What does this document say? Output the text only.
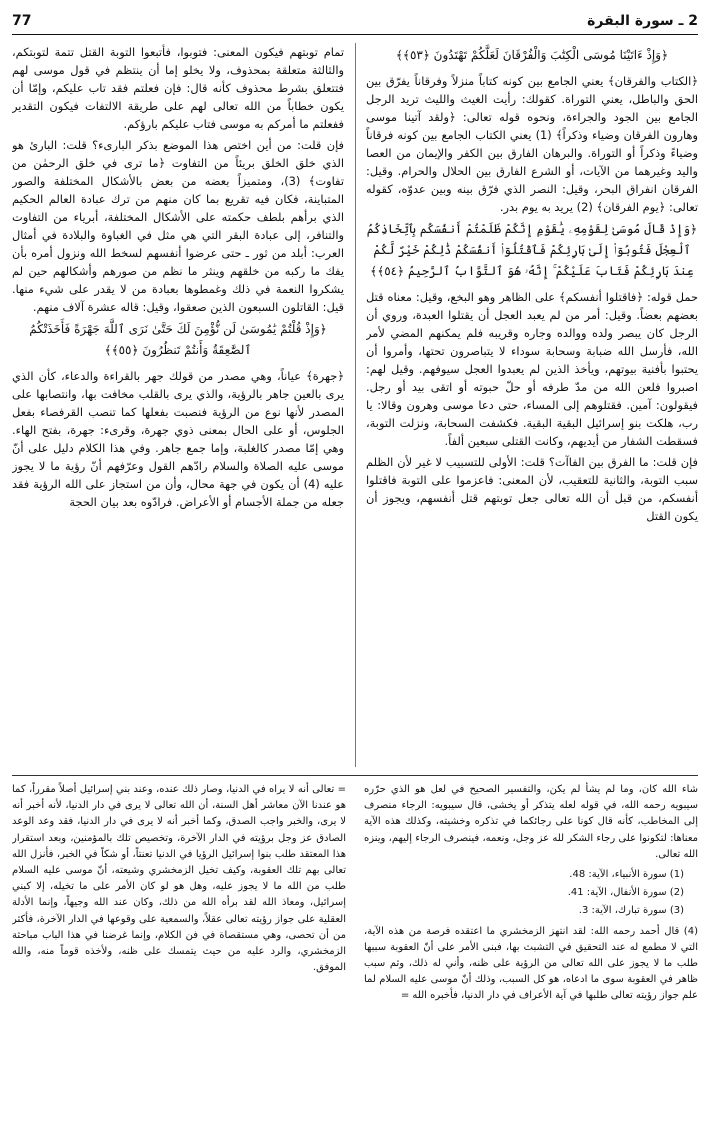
2 ـ سورة البقرة
77
﴿وَإِذْ ءَاتَيْنَا مُوسَى الْكِتَٰبَ وَالْفُرْقَانَ لَعَلَّكُمْ تَهْتَدُونَ ﴿٥٣﴾﴾

﴿الكتاب والفرقان﴾ يعني الجامع بين كونه كتاباً منزلاً وفرقاناً يفرّق بين الحق والباطل، يعني التوراة. كقولك: رأيت الغيث والليث تريد الرجل الجامع بين الجود والجراءة، ونحوه قوله تعالى: ﴿ولقد آتينا موسى وهارون الفرقان وضياء وذكراً﴾ (1) يعني الكتاب الجامع بين كونه فرقاناً وضياءً وذكراً أو التوراة. والبرهان الفارق بين الكفر والإيمان من العصا واليد وغيرهما من الآيات، أو الشرع الفارق بين الحلال والحرام. وقيل: الفرقان انفراق البحر، وقيل: النصر الذي فرّق بينه وبين عدوّه، كقوله تعالى: ﴿يوم الفرقان﴾ (2) يريد به يوم بدر.

﴿وَإِذْ قَالَ مُوسَىٰ لِقَوْمِهِۦ يَٰقَوْمِ إِنَّكُمْ ظَلَمْتُمْ أَنفُسَكُم بِٱتِّخَاذِكُمُ ٱلْعِجْلَ فَتُوبُوٓا۟ إِلَىٰ بَارِئِكُمْ فَٱقْتُلُوٓا۟ أَنفُسَكُمْ ذَٰلِكُمْ خَيْرٌ لَّكُمْ عِندَ بَارِئِكُمْ فَتَابَ عَلَيْكُمْ ۚ إِنَّهُۥ هُوَ ٱلتَّوَّابُ ٱلرَّحِيمُ ﴿٥٤﴾﴾

حمل قوله: ﴿فاقتلوا أنفسكم﴾ على الظاهر وهو البخع، وقيل: معناه قتل بعضهم بعضاً. وقيل: أمر من لم يعبد العجل أن يقتلوا العبدة، وروي أن الرجل كان يبصر ولده ووالده وجاره وقريبه فلم يمكنهم المضي لأمر الله، فأرسل الله ضبابة وسحابة سوداء لا يتباصرون تحتها، وأمروا أن يحتبوا بأفنية بيوتهم، ويأخذ الذين لم يعبدوا العجل سيوفهم. وقيل لهم: اصبروا فلعن الله من مدّ طرفه أو حلّ حبوته أو اتقى بيد أو رجل. فيقولون: آمين. فقتلوهم إلى المساء، حتى دعا موسى وهرون وقالا: يا رب، هلكت بنو إسرائيل البقية البقية. فكشفت السحابة، ونزلت التوبة، فسقطت الشفار من أيديهم، وكانت القتلى سبعين ألفاً.

فإن قلت: ما الفرق بين الفاآت؟ قلت: الأولى للتسبيب لا غير لأن الظلم سبب التوبة، والثانية للتعقيب، لأن المعنى: فاعزموا على التوبة فاقتلوا أنفسكم، من قبل أن الله تعالى جعل توبتهم قتل أنفسهم، ويجوز أن يكون القتل

تمام توبتهم فيكون المعنى: فتوبوا، فأتبعوا التوبة القتل تتمة لتوبتكم، والثالثة متعلقة بمحذوف، ولا يخلو إما أن ينتظم في قول موسى لهم فتتعلق بشرط محذوف كأنه قال: فإن فعلتم فقد تاب عليكم، وإمّا أن يكون خطاباً من الله تعالى لهم على طريقة الالتفات فيكون التقدير ففعلتم ما أمركم به موسى فتاب عليكم بارؤكم.

فإن قلت: من أين اختص هذا الموضع بذكر البارىء؟ قلت: البارئ هو الذي خلق الخلق بريئاً من التفاوت ﴿ما ترى في خلق الرحمٰن من تفاوت﴾ (3)، ومتميزاً بعضه من بعض بالأشكال المختلفة والصور المتباينة، فكان فيه تقريع بما كان منهم من ترك عبادة العالم الحكيم الذي برأهم بلطف حكمته على الأشكال المختلفة، أبرياء من التفاوت والتنافر، إلى عبادة البقر التي هي مثل في الغباوة والبلادة في أمثال العرب: أبلد من ثور ـ حتى عرضوا أنفسهم لسخط الله ونزول أمره بأن يفك ما ركبه من خلقهم وينثر ما نظم من صورهم وأشكالهم حين لم يشكروا النعمة في ذلك وغمطوها بعبادة من لا يقدر على شيء منها. قيل: القاتلون السبعون الذين صعقوا، وقيل: قاله عشرة آلاف منهم.

﴿وَإِذْ قُلْتُمْ يَٰمُوسَىٰ لَن نُّؤْمِنَ لَكَ حَتَّىٰ نَرَى ٱللَّهَ جَهْرَةً فَأَخَذَتْكُمُ ٱلصَّٰعِقَةُ وَأَنتُمْ تَنظُرُونَ ﴿٥٥﴾﴾

﴿جهرة﴾ عياناً، وهي مصدر من قولك جهر بالقراءة والدعاء، كأن الذي يرى بالعين جاهر بالرؤية، والذي يرى بالقلب مخافت بها، وانتصابها على المصدر لأنها نوع من الرؤية فنصبت بفعلها كما تنصب القرفصاء بفعل الجلوس، أو على الحال بمعنى ذوي جهرة، وقرىء: جهرة، بفتح الهاء. وهي إمّا مصدر كالغلبة، وإما جمع جاهر. وفي هذا الكلام دليل على أنّ موسى عليه الصلاة والسلام رادّهم القول وعرّفهم أنّ رؤية ما لا يجوز عليه (4) أن يكون في جهة محال، وأن من استجاز على الله الرؤية فقد جعله من جملة الأجسام أو الأعراض. فرادّوه بعد بيان الحجة

شاء الله كان، وما لم يشأ لم يكن، والتفسير الصحيح في لعل هو الذي حرّره سيبويه رحمه الله، في قوله لعله يتذكر أو يخشى، قال سيبويه: الرجاء منصرف إلى المخاطب، كأنه قال كونا على رجائكما في تذكره وخشيته، وكذلك هذه الآية معناها: لتكونوا على رجاء الشكر لله عز وجل، ونعمه، فينصرف الرجاء إليهم، وينزه الله تعالى.

(1) سورة الأنبياء، الآية: 48.
(2) سورة الأنفال، الآية: 41.
(3) سورة تبارك، الآية: 3.

(4) قال أحمد رحمه الله: لقد انتهز الزمخشري ما اعتقده فرصة من هذه الآية، التي لا مطمع له عند التحقيق في التشبث بها، فبنى الأمر على أنّ العقوبة سببها طلب ما لا يجوز على الله تعالى من الرؤية على ظنه، وأني له ذلك، وثم سبب ظاهر في العقوبة سوى ما ادعاه، هو كل السبب، وذلك أنّ موسى عليه السلام لما علم جواز رؤيته تعالى طلبها في آية الأعراف في دار الدنيا، فأخبره الله =

= تعالى أنه لا يراه في الدنيا، وصار ذلك عنده، وعند بني إسرائيل أصلاً مقرراً، كما هو عندنا الآن معاشر أهل السنة، أن الله تعالى لا يرى في دار الدنيا، لأنه أخبر أنه لا يرى، والخبر واجب الصدق، وكما أخبر أنه لا يرى في دار الدنيا، فقد وعد الوعد الصادق عز وجل برؤيته في الدار الآخرة، وتخصيص تلك بالمؤمنين، وبعد استقرار هذا المعتقد طلب بنوا إسرائيل الرؤيا في الدنيا تعنتاً، أو شكاً في الخبر، فأنزل الله تعالى بهم تلك العقوبة، وكيف تخيل الزمخشري وشيعته، أنّ موسى عليه السلام طلب من الله ما لا يجوز عليه، وهل هو لو كان الأمر على ما تخيله، إلا كبني إسرائيل، ومعاذ الله لقد برأه الله من ذلك، وكان عند الله وجيهاً، وإنما الأدلة العقلية على جواز رؤيته تعالى عقلاً، والسمعية على وقوعها في الدار الآخرة، فأكثر من أن تحصى، وهي مستقصاة في فن الكلام، وإنما غرضنا في هذا الباب مباحثة الزمخشري، والرد عليه من حيث يتمسك على ظنه، ولأخذه قوماً منه، والله الموفق.
